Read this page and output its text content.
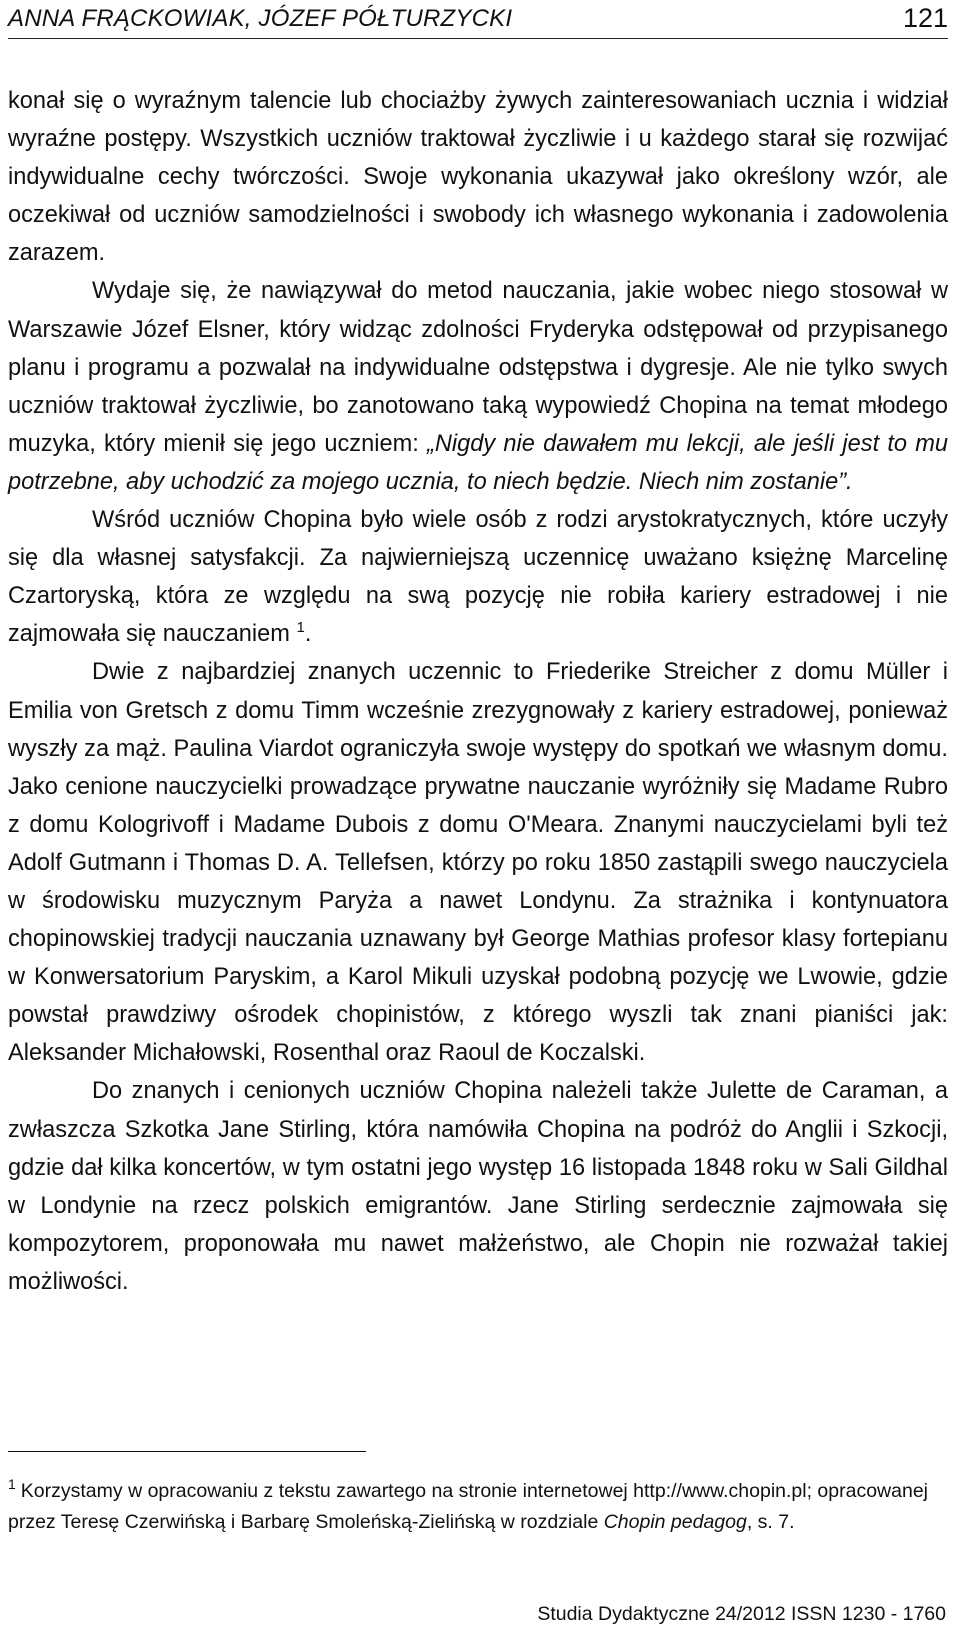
ANNA FRĄCKOWIAK, JÓZEF PÓŁTURZYCKI	121

konał się o wyraźnym talencie lub chociażby żywych zainteresowaniach ucznia i widział wyraźne postępy. Wszystkich uczniów traktował życzliwie i u każdego starał się rozwijać indywidualne cechy twórczości. Swoje wykonania ukazywał jako określony wzór, ale oczekiwał od uczniów samodzielności i swobody ich własnego wykonania i zadowolenia zarazem.

Wydaje się, że nawiązywał do metod nauczania, jakie wobec niego stosował w Warszawie Józef Elsner, który widząc zdolności Fryderyka odstępował od przypisanego planu i programu a pozwalał na indywidualne odstępstwa i dygresje. Ale nie tylko swych uczniów traktował życzliwie, bo zanotowano taką wypowiedź Chopina na temat młodego muzyka, który mienił się jego uczniem: „Nigdy nie dawałem mu lekcji, ale jeśli jest to mu potrzebne, aby uchodzić za mojego ucznia, to niech będzie. Niech nim zostanie”.

Wśród uczniów Chopina było wiele osób z rodzi arystokratycznych, które uczyły się dla własnej satysfakcji. Za najwierniejszą uczennicę uważano księżnę Marcelinę Czartoryską, która ze względu na swą pozycję nie robiła kariery estradowej i nie zajmowała się nauczaniem $^1$.

Dwie z najbardziej znanych uczennic to Friederike Streicher z domu Müller i Emilia von Gretsch z domu Timm wcześnie zrezygnowały z kariery estradowej, ponieważ wyszły za mąż. Paulina Viardot ograniczyła swoje występy do spotkań we własnym domu. Jako cenione nauczycielki prowadzące prywatne nauczanie wyróżniły się Madame Rubro z domu Kologrivoff i Madame Dubois z domu O'Meara. Znanymi nauczycielami byli też Adolf Gutmann i Thomas D. A. Tellefsen, którzy po roku 1850 zastąpili swego nauczyciela w środowisku muzycznym Paryża a nawet Londynu. Za strażnika i kontynuatora chopinowskiej tradycji nauczania uznawany był George Mathias profesor klasy fortepianu w Konwersatorium Paryskim, a Karol Mikuli uzyskał podobną pozycję we Lwowie, gdzie powstał prawdziwy ośrodek chopinistów, z którego wyszli tak znani pianiści jak: Aleksander Michałowski, Rosenthal oraz Raoul de Koczalski.

Do znanych i cenionych uczniów Chopina należeli także Julette de Caraman, a zwłaszcza Szkotka Jane Stirling, która namówiła Chopina na podróż do Anglii i Szkocji, gdzie dał kilka koncertów, w tym ostatni jego występ 16 listopada 1848 roku w Sali Gildhal w Londynie na rzecz polskich emigrantów. Jane Stirling serdecznie zajmowała się kompozytorem, proponowała mu nawet małżeństwo, ale Chopin nie rozważał takiej możliwości.

$^1$ Korzystamy w opracowaniu z tekstu zawartego na stronie internetowej http://www.chopin.pl; opracowanej przez Teresę Czerwińską i Barbarę Smoleńską-Zielińską w rozdziale Chopin pedagog, s. 7.
Studia Dydaktyczne 24/2012 ISSN 1230 - 1760
